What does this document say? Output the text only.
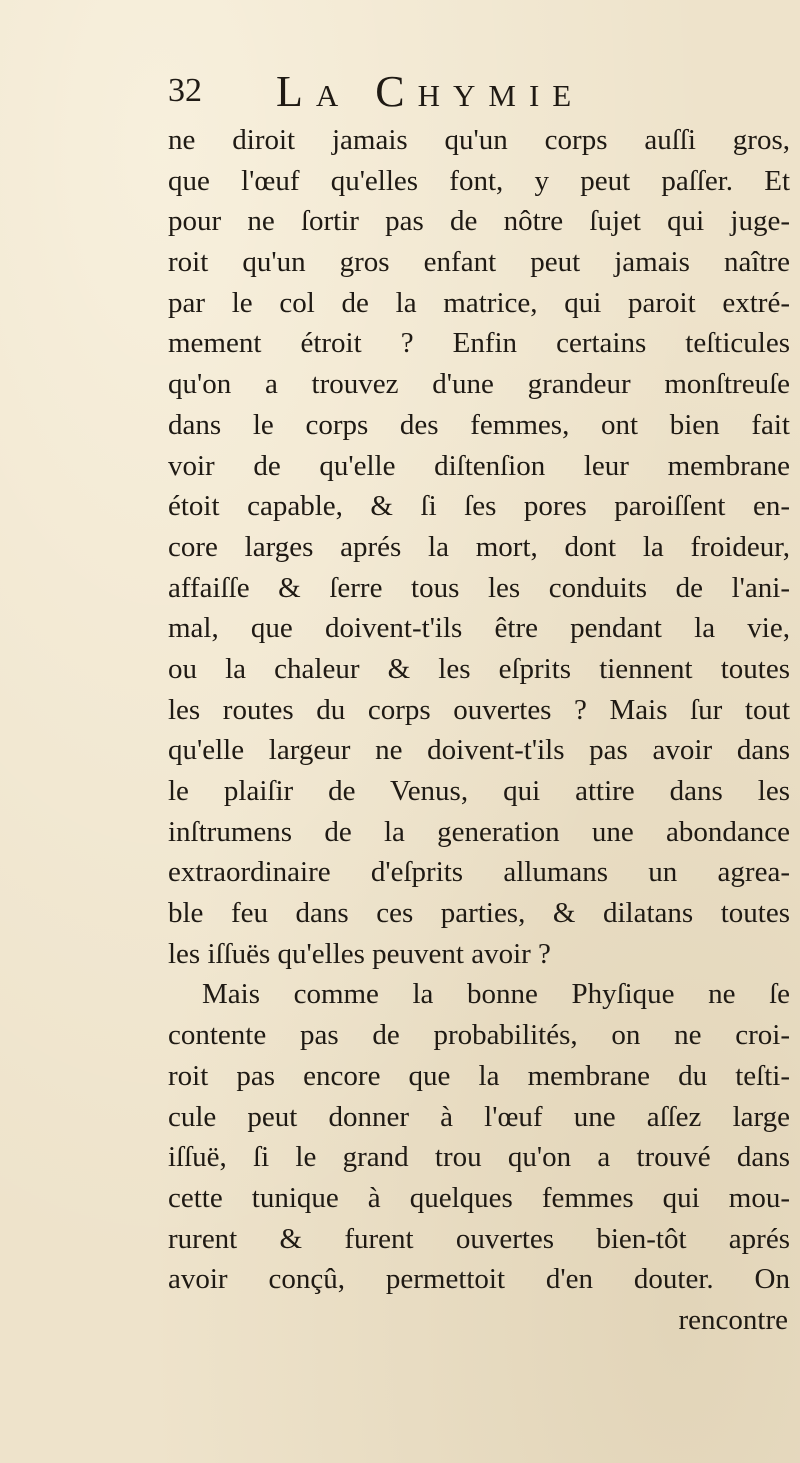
32 La Chymie
ne diroit jamais qu'un corps auſſi gros,
que l'œuf qu'elles font, y peut paſſer. Et
pour ne ſortir pas de nôtre ſujet qui juge-
roit qu'un gros enfant peut jamais naître
par le col de la matrice, qui paroit extré-
mement étroit ? Enfin certains teſticules
qu'on a trouvez d'une grandeur monſtreuſe
dans le corps des femmes, ont bien fait
voir de qu'elle diſtenſion leur membrane
étoit capable, & ſi ſes pores paroiſſent en-
core larges aprés la mort, dont la froideur,
affaiſſe & ſerre tous les conduits de l'ani-
mal, que doivent-t'ils être pendant la vie,
ou la chaleur & les eſprits tiennent toutes
les routes du corps ouvertes ? Mais ſur tout
qu'elle largeur ne doivent-t'ils pas avoir dans
le plaiſir de Venus, qui attire dans les
inſtrumens de la generation une abondance
extraordinaire d'eſprits allumans un agrea-
ble feu dans ces parties, & dilatans toutes
les iſſuës qu'elles peuvent avoir ?
Mais comme la bonne Phyſique ne ſe
contente pas de probabilités, on ne croi-
roit pas encore que la membrane du teſti-
cule peut donner à l'œuf une aſſez large
iſſuë, ſi le grand trou qu'on a trouvé dans
cette tunique à quelques femmes qui mou-
rurent & furent ouvertes bien-tôt aprés
avoir conçû, permettoit d'en douter. On
rencontre
